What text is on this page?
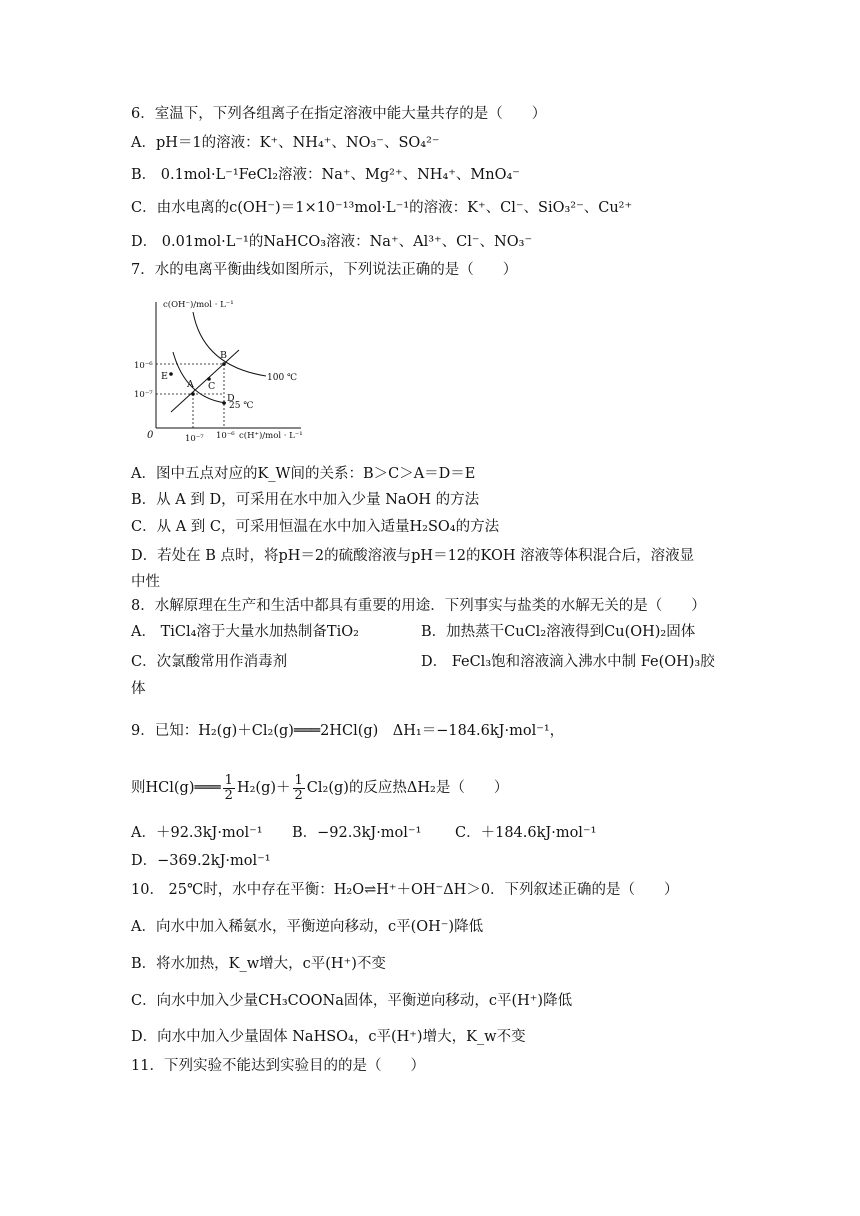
6．室温下，下列各组离子在指定溶液中能大量共存的是（　　）
A．pH＝1的溶液：K⁺、NH₄⁺、NO₃⁻、SO₄²⁻
B． 0.1mol·L⁻¹FeCl₂溶液：Na⁺、Mg²⁺、NH₄⁺、MnO₄⁻
C．由水电离的c(OH⁻)＝1×10⁻¹³mol·L⁻¹的溶液：K⁺、Cl⁻、SiO₃²⁻、Cu²⁺
D． 0.01mol·L⁻¹的NaHCO₃溶液：Na⁺、Al³⁺、Cl⁻、NO₃⁻
7．水的电离平衡曲线如图所示，下列说法正确的是（　　）
c(OH⁻)/mol · L⁻¹
c(H⁺)/mol · L⁻¹
0
10⁻⁶
10⁻⁷
10⁻⁷ 10⁻⁶
100 ℃
25 ℃
E
A C
B
D
A．图中五点对应的K_W间的关系：B＞C＞A＝D＝E
B．从 A 到 D，可采用在水中加入少量 NaOH 的方法
C．从 A 到 C，可采用恒温在水中加入适量H₂SO₄的方法
D．若处在 B 点时，将pH＝2的硫酸溶液与pH＝12的KOH 溶液等体积混合后，溶液显
中性
8．水解原理在生产和生活中都具有重要的用途．下列事实与盐类的水解无关的是（　　）
A． TiCl₄溶于大量水加热制备TiO₂	B．加热蒸干CuCl₂溶液得到Cu(OH)₂固体
C．次氯酸常用作消毒剂	D． FeCl₃饱和溶液滴入沸水中制 Fe(OH)₃胶
体
9．已知：H₂(g)＋Cl₂(g)═══2HCl(g)　ΔH₁＝−184.6kJ·mol⁻¹，
则HCl(g)═══ $\frac{1}{2} H_2(g)+ \frac{1}{2} Cl_2(g)$的反应热ΔH₂是（　　）
A．＋92.3kJ·mol⁻¹ B．−92.3kJ·mol⁻¹ C．＋184.6kJ·mol⁻¹
D．−369.2kJ·mol⁻¹
10． 25℃时，水中存在平衡：H₂O⇌H⁺＋OH⁻ΔH＞0．下列叙述正确的是（　　）
A．向水中加入稀氨水，平衡逆向移动，c平(OH⁻)降低
B．将水加热，K_w增大，c平(H⁺)不变
C．向水中加入少量CH₃COONa固体，平衡逆向移动，c平(H⁺)降低
D．向水中加入少量固体 NaHSO₄，c平(H⁺)增大，K_w不变
11．下列实验不能达到实验目的的是（　　）
